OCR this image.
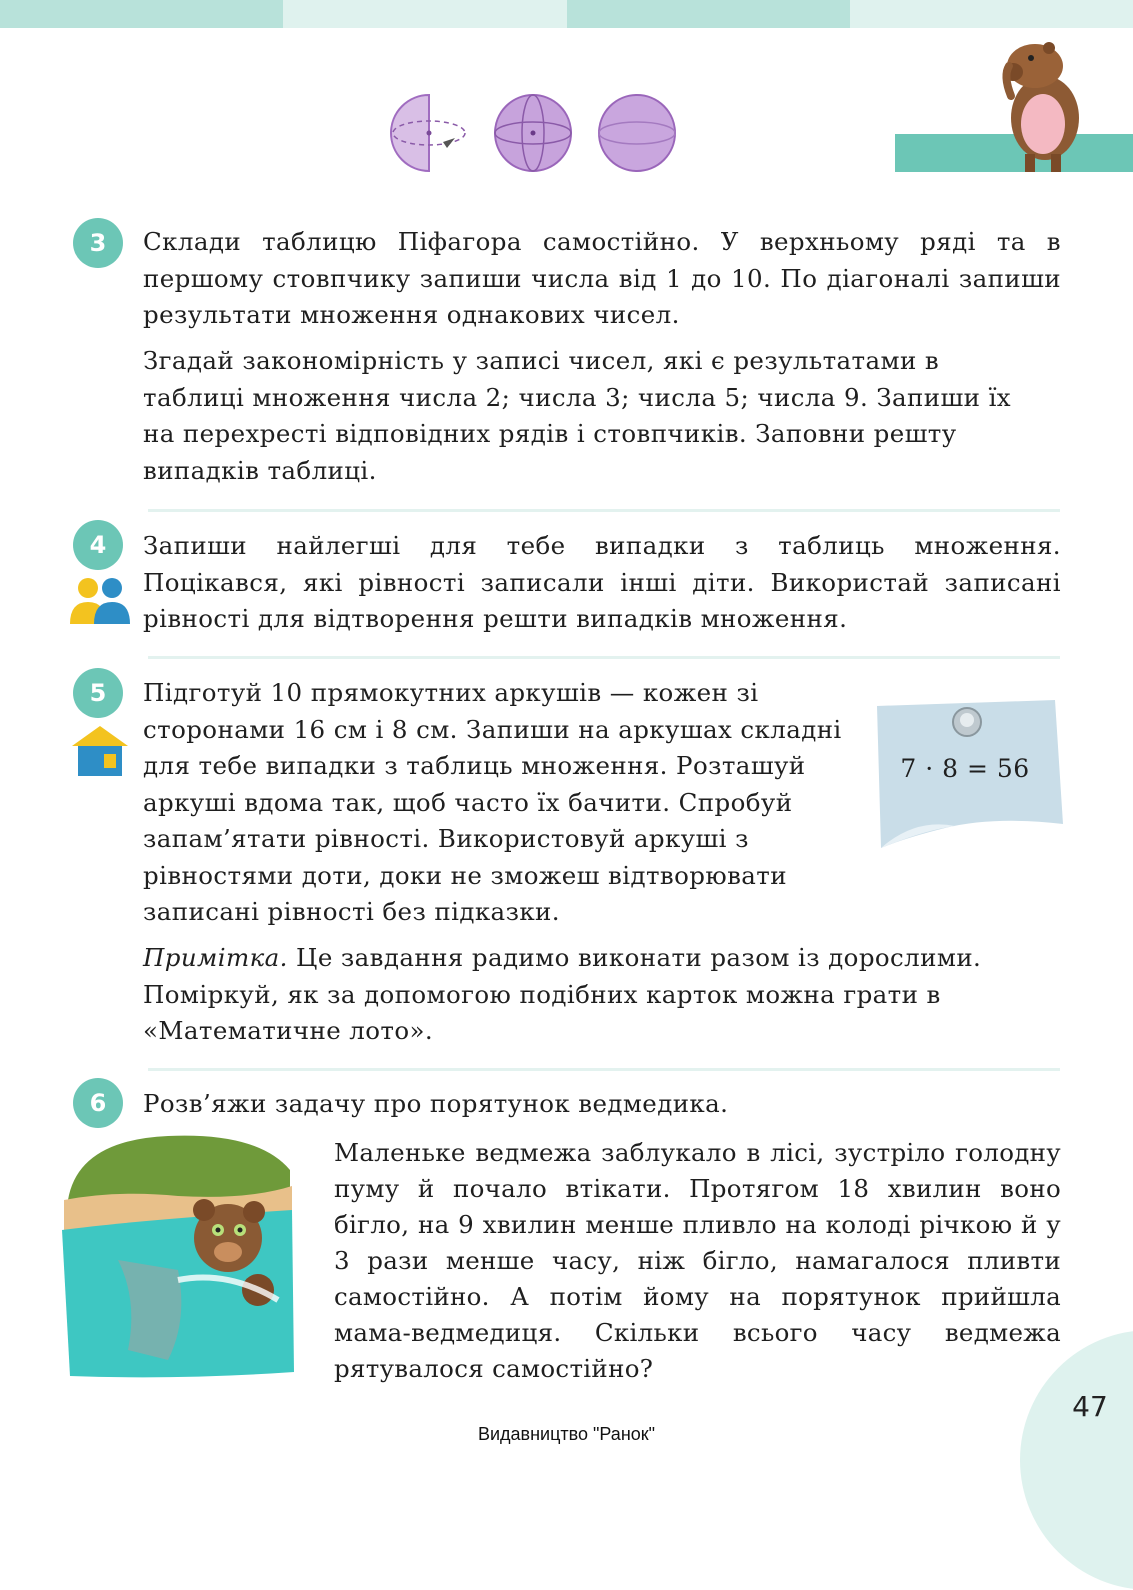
3	Склади таблицю Піфагора самостійно. У верхньому ряді та в першому стовпчику запиши числа від 1 до 10. По діагоналі запиши результати множення однакових чисел.
Згадай закономірність у записі чисел, які є результатами в таблиці множення числа 2; числа 3; числа 5; числа 9. Запиши їх на перехресті відповідних рядів і стовпчиків. Заповни решту випадків таблиці.
4	Запиши найлегші для тебе випадки з таблиць множення. Поцікався, які рівності записали інші діти. Використай записані рівності для відтворення решти випадків множення.
5	Підготуй 10 прямокутних аркушів — кожен зі сторонами 16 см і 8 см. Запиши на аркушах складні для тебе випадки з таблиць множення. Розташуй аркуші вдома так, щоб часто їх бачити. Спробуй запам’ятати рівності. Використовуй аркуші з рівностями доти, доки не зможеш відтворювати записані рівності без підказки.
7 · 8 = 56
Примітка. Це завдання радимо виконати разом із дорослими. Поміркуй, як за допомогою подібних карток можна грати в «Математичне лото».
6	Розв’яжи задачу про порятунок ведмедика.
Маленьке ведмежа заблукало в лісі, зустріло голодну пуму й почало втікати. Протягом 18 хвилин воно бігло, на 9 хвилин менше пливло на колоді річкою й у 3 рази менше часу, ніж бігло, намагалося пливти самостійно. А потім йому на порятунок прийшла мама-ведмедиця. Скільки всього часу ведмежа рятувалося самостійно?
47
Видавництво "Ранок"
